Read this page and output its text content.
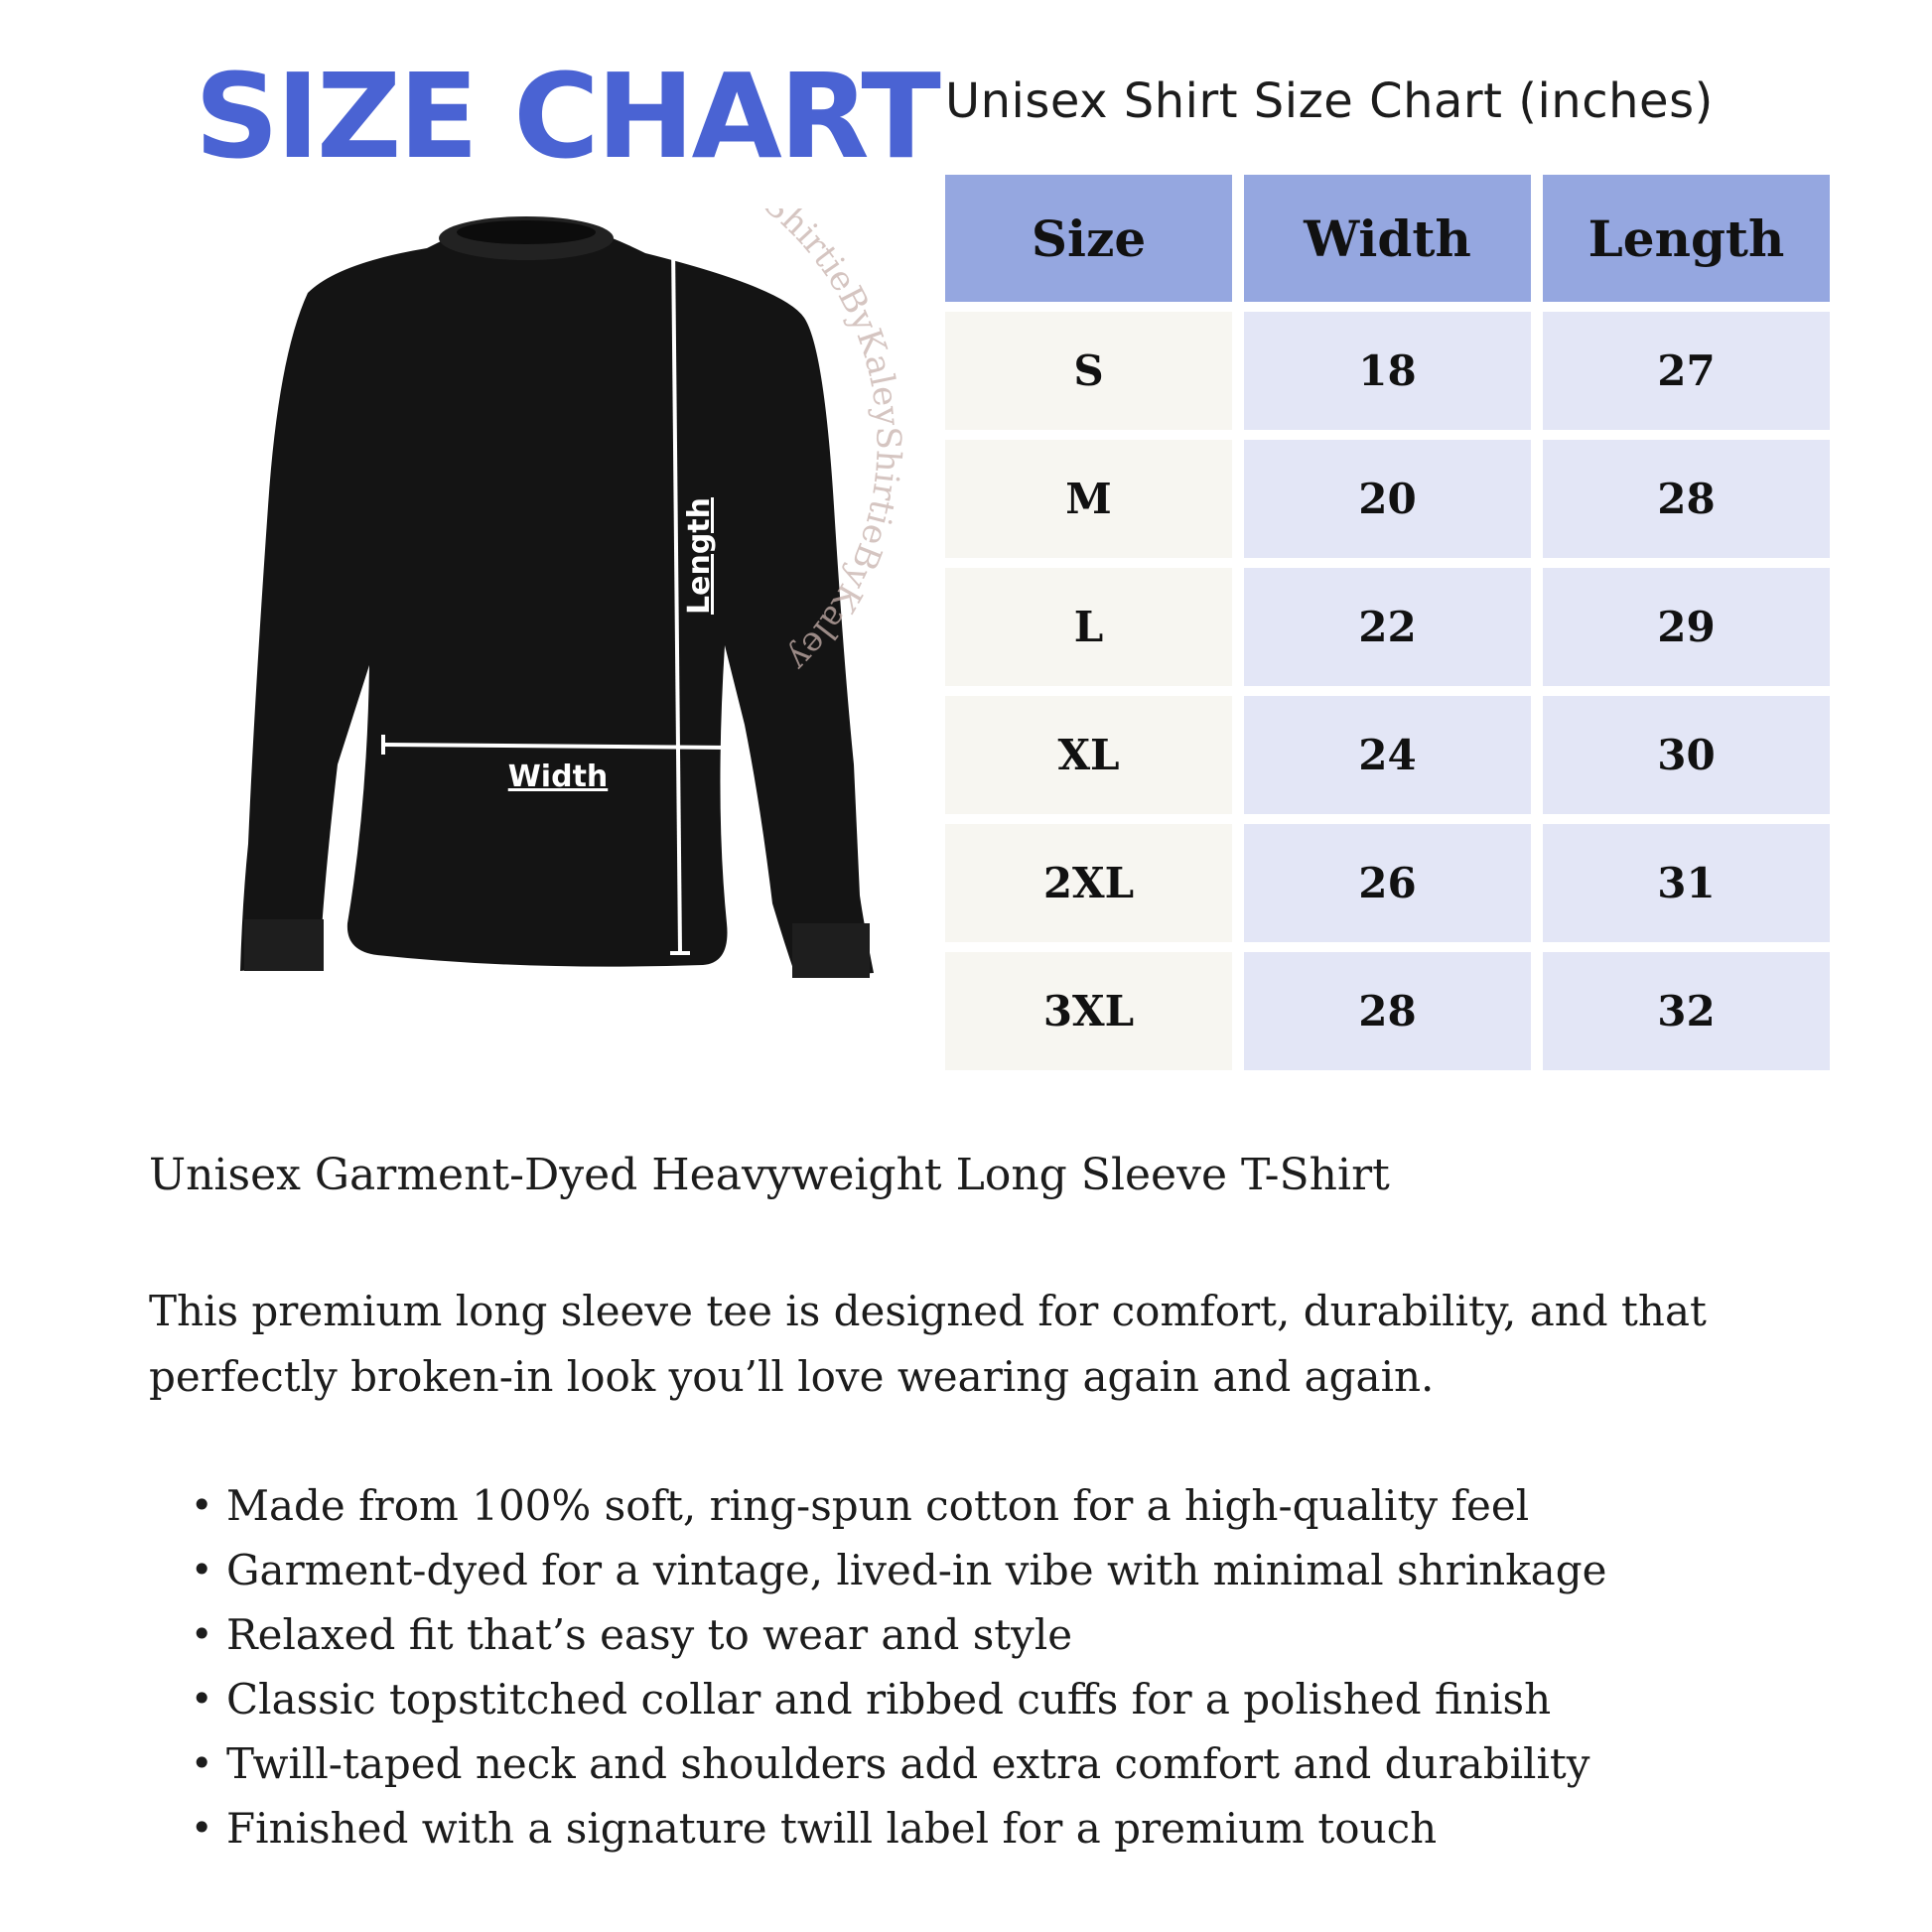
SIZE CHART Unisex Shirt Size Chart (inches)
Length
Width
hirtieByKaleyShirtieByKaley
Size	Width	Length
S	18	27
M	20	28
L	22	29
XL	24	30
2XL	26	31
3XL	28	32
Unisex Garment-Dyed Heavyweight Long Sleeve T-Shirt
This premium long sleeve tee is designed for comfort, durability, and that perfectly broken-in look you’ll love wearing again and again.
• Made from 100% soft, ring-spun cotton for a high-quality feel
• Garment-dyed for a vintage, lived-in vibe with minimal shrinkage
• Relaxed fit that’s easy to wear and style
• Classic topstitched collar and ribbed cuffs for a polished finish
• Twill-taped neck and shoulders add extra comfort and durability
• Finished with a signature twill label for a premium touch
